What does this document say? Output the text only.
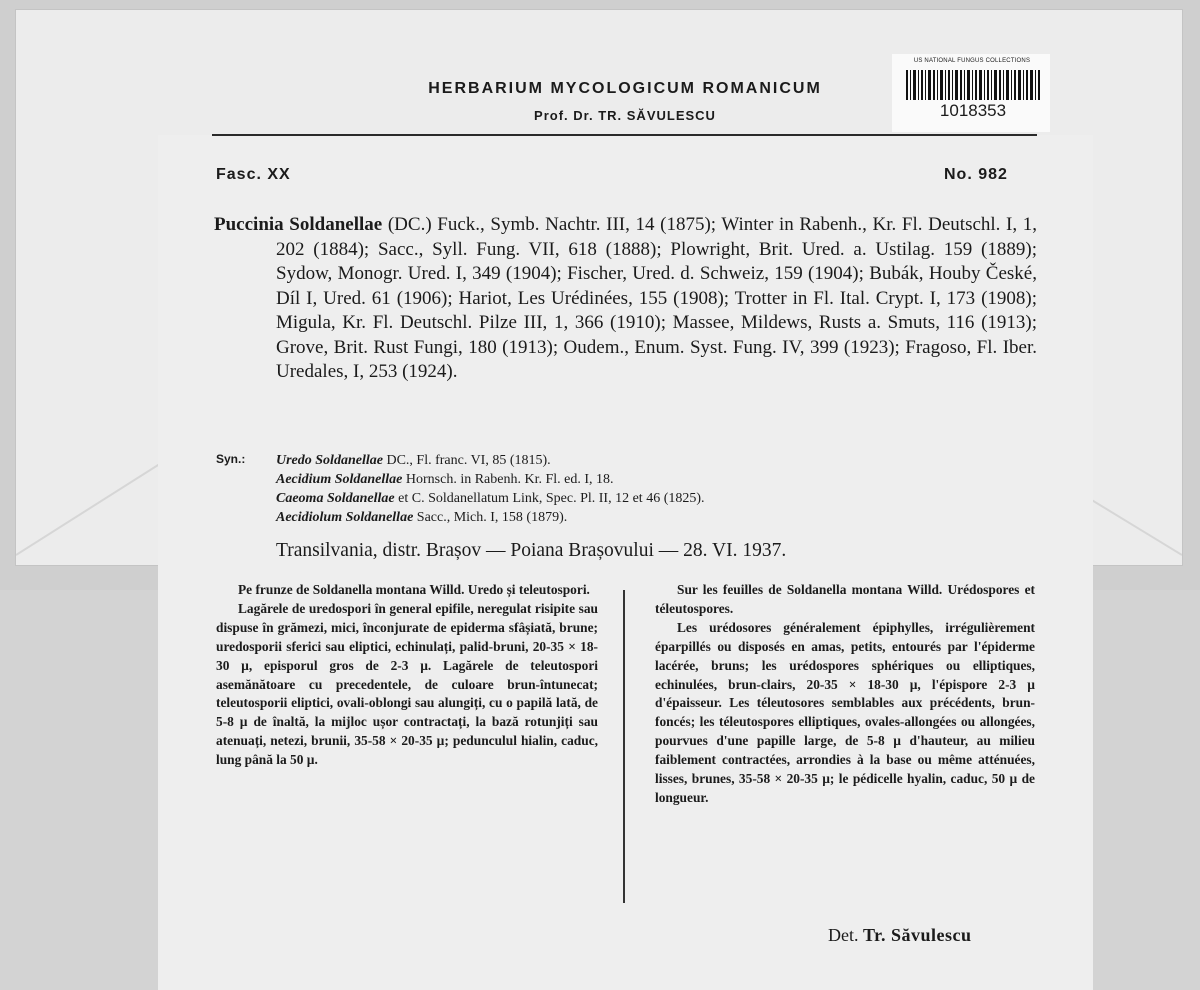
HERBARIUM MYCOLOGICUM ROMANICUM
Prof. Dr. TR. SĂVULESCU
US NATIONAL FUNGUS COLLECTIONS
1018353
Fasc. XX	No. 982
Puccinia Soldanellae (DC.) Fuck., Symb. Nachtr. III, 14 (1875); Winter in Rabenh., Kr. Fl. Deutschl. I, 1, 202 (1884); Sacc., Syll. Fung. VII, 618 (1888); Plowright, Brit. Ured. a. Ustilag. 159 (1889); Sydow, Monogr. Ured. I, 349 (1904); Fischer, Ured. d. Schweiz, 159 (1904); Bubák, Houby České, Díl I, Ured. 61 (1906); Hariot, Les Urédinées, 155 (1908); Trotter in Fl. Ital. Crypt. I, 173 (1908); Migula, Kr. Fl. Deutschl. Pilze III, 1, 366 (1910); Massee, Mildews, Rusts a. Smuts, 116 (1913); Grove, Brit. Rust Fungi, 180 (1913); Oudem., Enum. Syst. Fung. IV, 399 (1923); Fragoso, Fl. Iber. Uredales, I, 253 (1924).
Syn.: Uredo Soldanellae DC., Fl. franc. VI, 85 (1815).
Aecidium Soldanellae Hornsch. in Rabenh. Kr. Fl. ed. I, 18.
Caeoma Soldanellae et C. Soldanellatum Link, Spec. Pl. II, 12 et 46 (1825).
Aecidiolum Soldanellae Sacc., Mich. I, 158 (1879).
Transilvania, distr. Brașov — Poiana Brașovului — 28. VI. 1937.

Pe frunze de Soldanella montana Willd. Uredo și teleutospori.

Lagărele de uredospori în general epifile, neregulat risipite sau dispuse în grămezi, mici, înconjurate de epiderma sfâșiată, brune; uredosporii sferici sau eliptici, echinulați, palid-bruni, 20-35 × 18-30 µ, episporul gros de 2-3 µ. Lagărele de teleutospori asemănătoare cu precedentele, de culoare brun-întunecat; teleutosporii eliptici, ovali-oblongi sau alungiți, cu o papilă lată, de 5-8 µ de înaltă, la mijloc ușor contractați, la bază rotunjiți sau atenuați, netezi, brunii, 35-58 × 20-35 µ; pedunculul hialin, caduc, lung până la 50 µ.

Sur les feuilles de Soldanella montana Willd. Urédospores et téleutospores.

Les urédosores généralement épiphylles, irrégulièrement éparpillés ou disposés en amas, petits, entourés par l'épiderme lacérée, bruns; les urédospores sphériques ou elliptiques, echinulées, brun-clairs, 20-35 × 18-30 µ, l'épispore 2-3 µ d'épaisseur. Les téleutosores semblables aux précédents, brun-foncés; les téleutospores elliptiques, ovales-allongées ou allongées, pourvues d'une papille large, de 5-8 µ d'hauteur, au milieu faiblement contractées, arrondies à la base ou même atténuées, lisses, brunes, 35-58 × 20-35 µ; le pédicelle hyalin, caduc, 50 µ de longueur.

Det. Tr. Săvulescu
